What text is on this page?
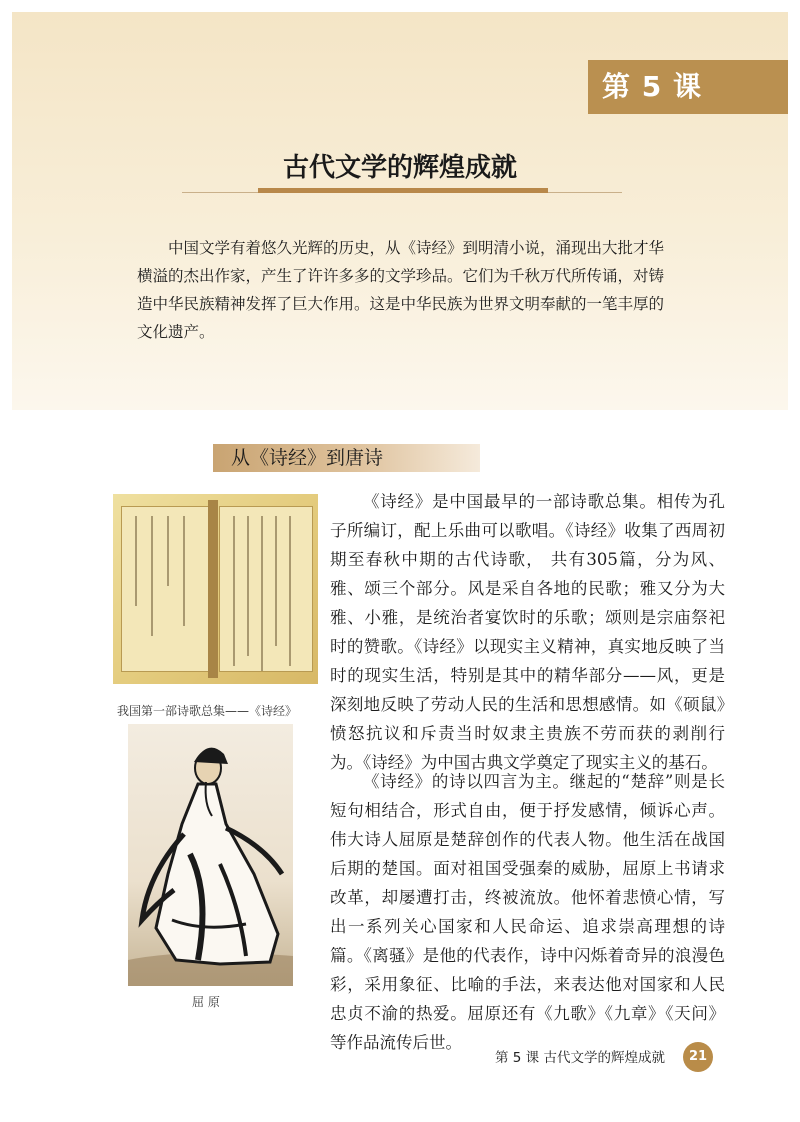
第 5 课
古代文学的辉煌成就

中国文学有着悠久光辉的历史，从《诗经》到明清小说，涌现出大批才华横溢的杰出作家，产生了许许多多的文学珍品。它们为千秋万代所传诵，对铸造中华民族精神发挥了巨大作用。这是中华民族为世界文明奉献的一笔丰厚的文化遗产。

从《诗经》到唐诗
我国第一部诗歌总集——《诗经》
屈 原

《诗经》是中国最早的一部诗歌总集。相传为孔子所编订，配上乐曲可以歌唱。《诗经》收集了西周初期至春秋中期的古代诗歌， 共有305篇，分为风、雅、颂三个部分。风是采自各地的民歌；雅又分为大雅、小雅，是统治者宴饮时的乐歌；颂则是宗庙祭祀时的赞歌。《诗经》以现实主义精神，真实地反映了当时的现实生活，特别是其中的精华部分——风，更是深刻地反映了劳动人民的生活和思想感情。如《硕鼠》愤怒抗议和斥责当时奴隶主贵族不劳而获的剥削行为。《诗经》为中国古典文学奠定了现实主义的基石。

《诗经》的诗以四言为主。继起的“楚辞”则是长短句相结合，形式自由，便于抒发感情，倾诉心声。伟大诗人屈原是楚辞创作的代表人物。他生活在战国后期的楚国。面对祖国受强秦的威胁，屈原上书请求改革，却屡遭打击，终被流放。他怀着悲愤心情，写出一系列关心国家和人民命运、追求崇高理想的诗篇。《离骚》是他的代表作，诗中闪烁着奇异的浪漫色彩，采用象征、比喻的手法，来表达他对国家和人民忠贞不渝的热爱。屈原还有《九歌》《九章》《天问》等作品流传后世。

第 5 课 古代文学的辉煌成就	21
